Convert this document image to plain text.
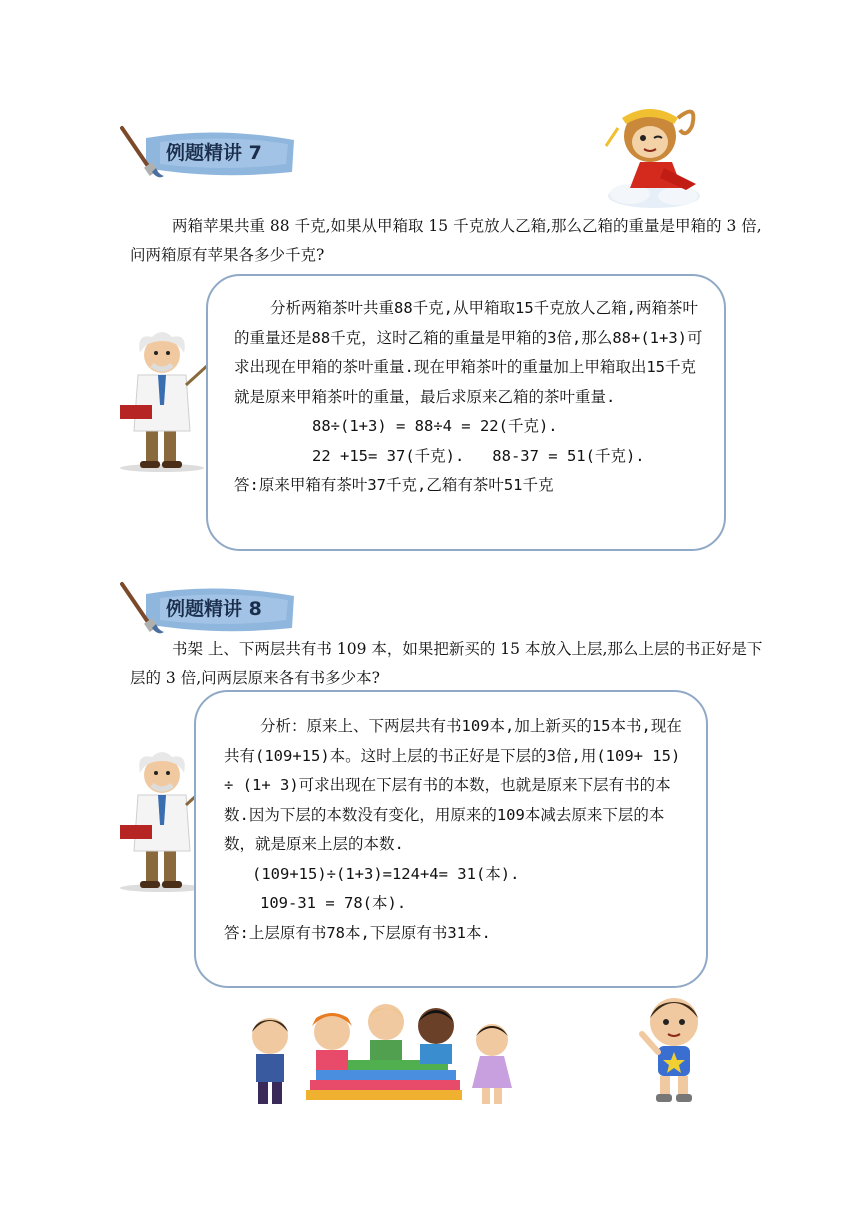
例题精讲 7
两箱苹果共重 88 千克,如果从甲箱取 15 千克放人乙箱,那么乙箱的重量是甲箱的 3 倍,问两箱原有苹果各多少千克?

分析两箱茶叶共重88千克,从甲箱取15千克放人乙箱,两箱茶叶的重量还是88千克，这时乙箱的重量是甲箱的3倍,那么88+(1+3)可求出现在甲箱的茶叶重量.现在甲箱茶叶的重量加上甲箱取出15千克就是原来甲箱茶叶的重量，最后求原来乙箱的茶叶重量.

88÷(1+3) = 88÷4 = 22(千克).

22 +15= 37(千克).   88-37 = 51(千克).

答:原来甲箱有茶叶37千克,乙箱有茶叶51千克

例题精讲 8
书架 上、下两层共有书 109 本，如果把新买的 15 本放入上层,那么上层的书正好是下层的 3 倍,问两层原来各有书多少本?

分析：原来上、下两层共有书109本,加上新买的15本书,现在共有(109+15)本。这时上层的书正好是下层的3倍,用(109+ 15) ÷ (1+ 3)可求出现在下层有书的本数，也就是原来下层有书的本数.因为下层的本数没有变化，用原来的109本减去原来下层的本数，就是原来上层的本数.

(109+15)÷(1+3)=124+4= 31(本).

109-31 = 78(本).

答:上层原有书78本,下层原有书31本.
